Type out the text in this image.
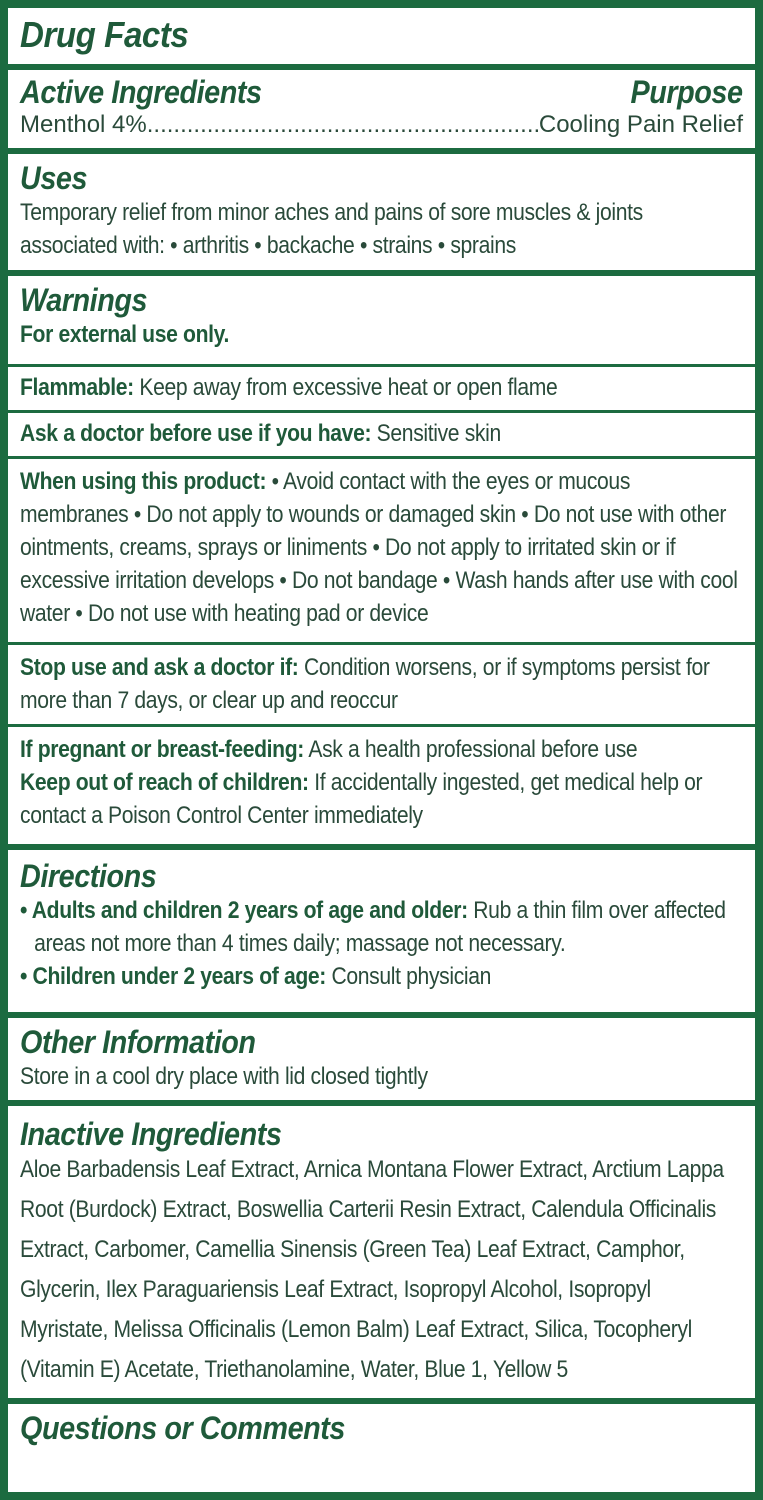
Drug Facts
Active Ingredients	Purpose
Menthol 4%
.....	Cooling Pain Relief
Uses
Temporary relief from minor aches and pains of sore muscles & joints associated with: • arthritis • backache • strains • sprains
Warnings
For external use only.
Flammable: Keep away from excessive heat or open flame
Ask a doctor before use if you have: Sensitive skin
When using this product: • Avoid contact with the eyes or mucous membranes • Do not apply to wounds or damaged skin • Do not use with other ointments, creams, sprays or liniments • Do not apply to irritated skin or if excessive irritation develops • Do not bandage • Wash hands after use with cool water • Do not use with heating pad or device
Stop use and ask a doctor if: Condition worsens, or if symptoms persist for more than 7 days, or clear up and reoccur
If pregnant or breast-feeding: Ask a health professional before use
Keep out of reach of children: If accidentally ingested, get medical help or contact a Poison Control Center immediately
Directions
• Adults and children 2 years of age and older: Rub a thin film over affected areas not more than 4 times daily; massage not necessary.
• Children under 2 years of age: Consult physician
Other Information
Store in a cool dry place with lid closed tightly
Inactive Ingredients
Aloe Barbadensis Leaf Extract, Arnica Montana Flower Extract, Arctium Lappa Root (Burdock) Extract, Boswellia Carterii Resin Extract, Calendula Officinalis Extract, Carbomer, Camellia Sinensis (Green Tea) Leaf Extract, Camphor, Glycerin, Ilex Paraguariensis Leaf Extract, Isopropyl Alcohol, Isopropyl Myristate, Melissa Officinalis (Lemon Balm) Leaf Extract, Silica, Tocopheryl (Vitamin E) Acetate, Triethanolamine, Water, Blue 1, Yellow 5
Questions or Comments
